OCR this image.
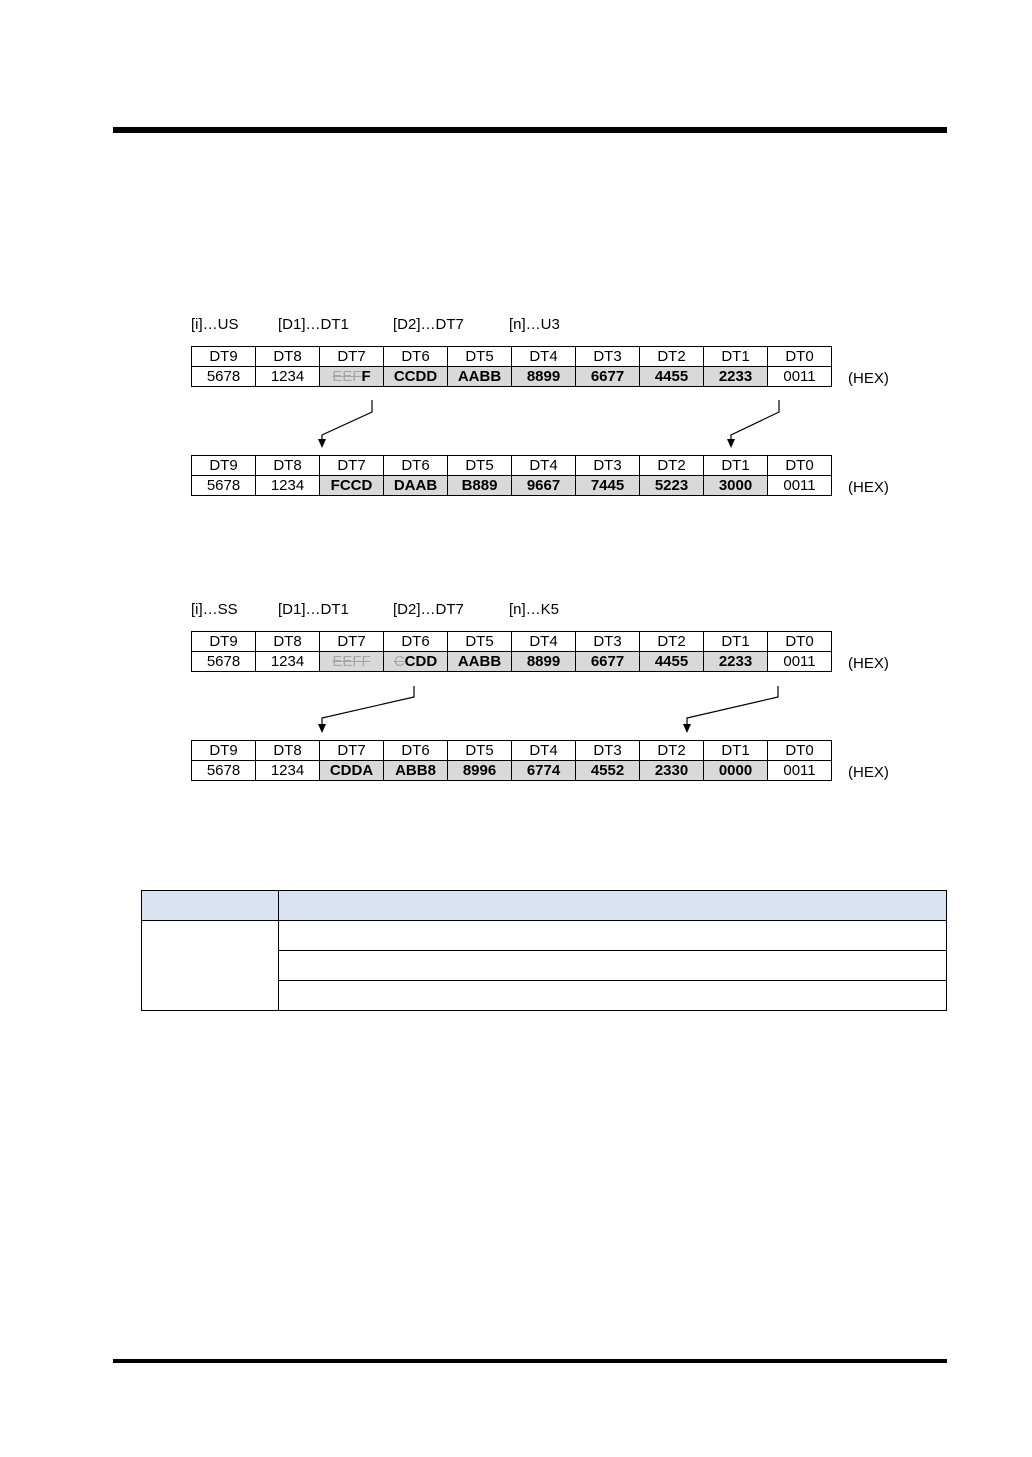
[i]…US	[D1]…DT1	[D2]…DT7	[n]…U3
DT9	DT8	DT7	DT6	DT5	DT4	DT3	DT2	DT1	DT0
5678	1234	EEFF	CCDD	AABB	8899	6677	4455	2233	0011 (HEX)
DT9	DT8	DT7	DT6	DT5	DT4	DT3	DT2	DT1	DT0
5678	1234	FCCD	DAAB	B889	9667	7445	5223	3000	0011 (HEX)
[i]…SS	[D1]…DT1	[D2]…DT7	[n]…K5
DT9	DT8	DT7	DT6	DT5	DT4	DT3	DT2	DT1	DT0
5678	1234	EEFF	CCDD	AABB	8899	6677	4455	2233	0011 (HEX)
DT9	DT8	DT7	DT6	DT5	DT4	DT3	DT2	DT1	DT0
5678	1234	CDDA	ABB8	8996	6774	4552	2330	0000	0011 (HEX)
